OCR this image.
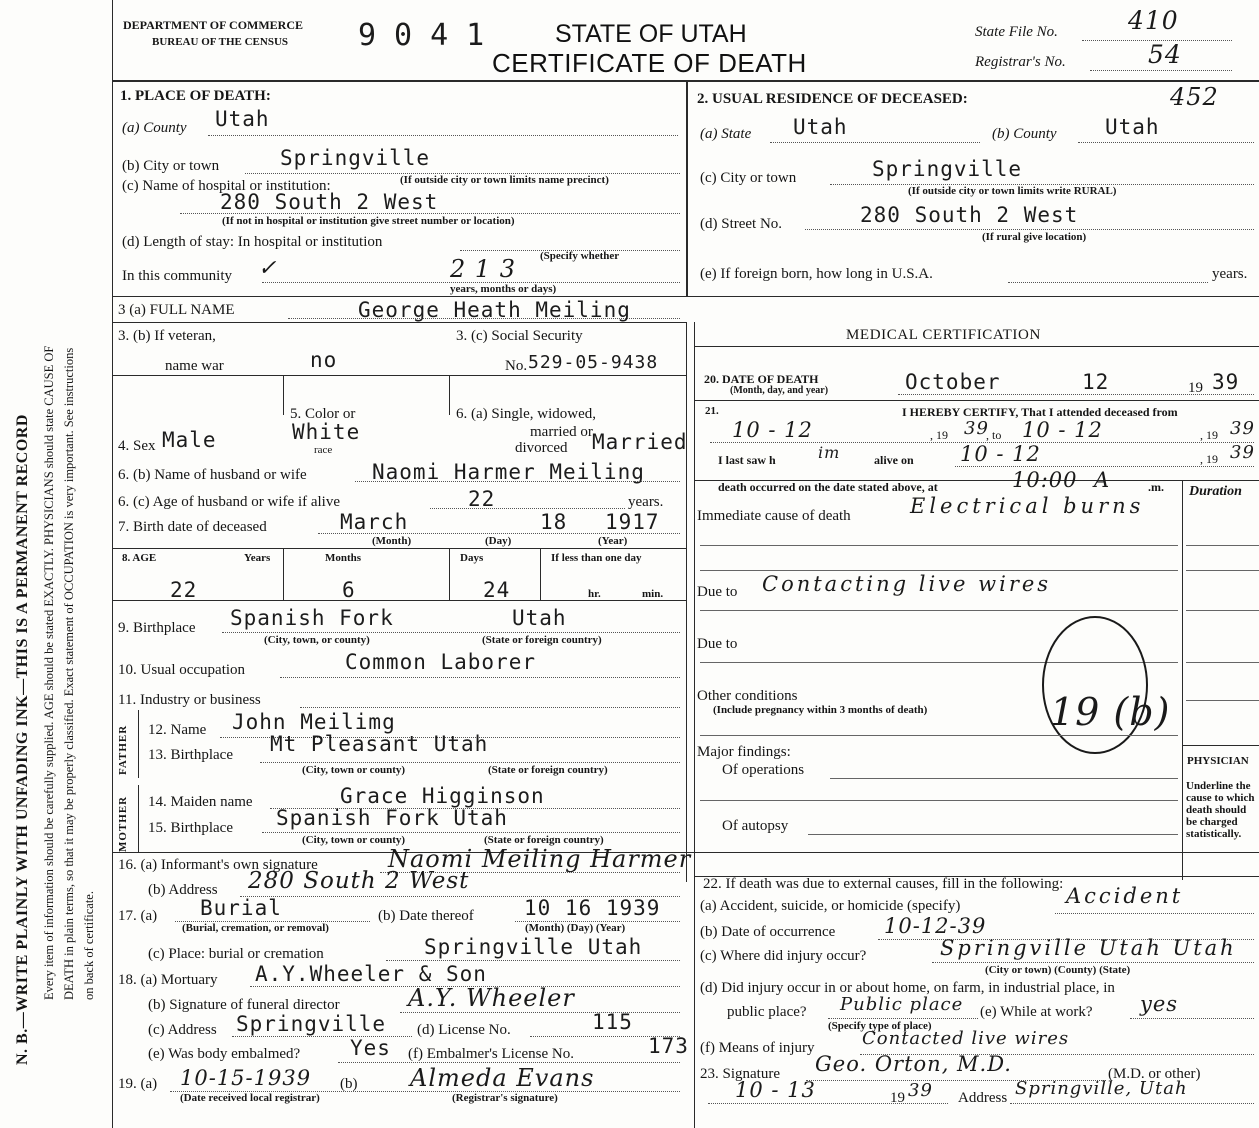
N. B.—WRITE PLAINLY WITH UNFADING INK—THIS IS A PERMANENT RECORD Every item of information should be carefully supplied. AGE should be stated EXACTLY. PHYSICIANS should state CAUSE OF DEATH in plain terms, so that it may be properly classified. Exact statement of OCCUPATION is very important. See instructions on back of certificate.
DEPARTMENT OF COMMERCE
BUREAU OF THE CENSUS 9041 STATE OF UTAH
CERTIFICATE OF DEATH
State File No.	410
Registrar's No.	54
452
1. PLACE OF DEATH:
(a) County Utah
(b) City or town	Springville
(If outside city or town limits name precinct)
(c) Name of hospital or institution:
280 South 2 West
(If not in hospital or institution give street number or location)
(d) Length of stay: In hospital or institution
(Specify whether
In this community ✓	2 1 3
years, months or days)
2. USUAL RESIDENCE OF DECEASED:
(a) State Utah	(b) County Utah
(c) City or town	Springville
(If outside city or town limits write RURAL)
(d) Street No.	280 South 2 West
(If rural give location)
(e) If foreign born, how long in U.S.A.	years.
3 (a) FULL NAME	George Heath Meiling
3. (b) If veteran,
name war	no
3. (c) Social Security
No. 529-05-9438
4. Sex Male
5. Color or
White
race
6. (a) Single, widowed,
married or
divorced Married
6. (b) Name of husband or wife	Naomi Harmer Meiling
6. (c) Age of husband or wife if alive	22	years.
7. Birth date of deceased	March	18 1917
(Month)	(Day)	(Year)
8. AGE	Years	Months	Days	If less than one day
22	6	24	hr.	min.
9. Birthplace Spanish Fork	Utah
(City, town, or county)	(State or foreign country)
10. Usual occupation	Common Laborer
11. Industry or business
FATHER 12. Name John Meilimg
13. Birthplace Mt Pleasant Utah
(City, town or county)	(State or foreign country)
MOTHER 14. Maiden name	Grace Higginson
15. Birthplace Spanish Fork Utah
(City, town or county)	(State or foreign country)
16. (a) Informant's own signature	Naomi Meiling Harmer
(b) Address 280 South 2 West
17. (a) Burial
(Burial, cremation, or removal)
(b) Date thereof 10 16 1939
(Month) (Day) (Year)
(c) Place: burial or cremation	Springville Utah
18. (a) Mortuary A.Y.Wheeler & Son
(b) Signature of funeral director	A.Y. Wheeler
(c) Address Springville (d) License No.	115
(e) Was body embalmed? Yes (f) Embalmer's License No.	173
19. (a) 10-15-1939 (b) Almeda Evans
(Date received local registrar)	(Registrar's signature)
MEDICAL CERTIFICATION
20. DATE OF DEATH
(Month, day, and year)	October	12	19 39
21.	I HEREBY CERTIFY, That I attended deceased from
10 - 12	, 19 39
, to 10 - 12	, 19 39
I last saw h	im	alive on 10 - 12	, 19 39
death occurred on the date stated above, at	10:00 A	.m. Duration
Immediate cause of death	Electrical burns
Due to Contacting live wires
Due to
Other conditions
(Include pregnancy within 3 months of death)	19 (b)
Major findings:
Of operations
Of autopsy
PHYSICIAN
Underline the cause to which death should be charged statistically.
22. If death was due to external causes, fill in the following:
(a) Accident, suicide, or homicide (specify)	Accident
(b) Date of occurrence 10-12-39
(c) Where did injury occur?	Springville Utah Utah
(City or town) (County) (State)
(d) Did injury occur in or about home, on farm, in industrial place, in
public place? Public place
(Specify type of place)
(e) While at work? yes
(f) Means of injury	Contacted live wires
23. Signature Geo. Orton, M.D.	(M.D. or other)
10 - 13	19 39 Address Springville, Utah
